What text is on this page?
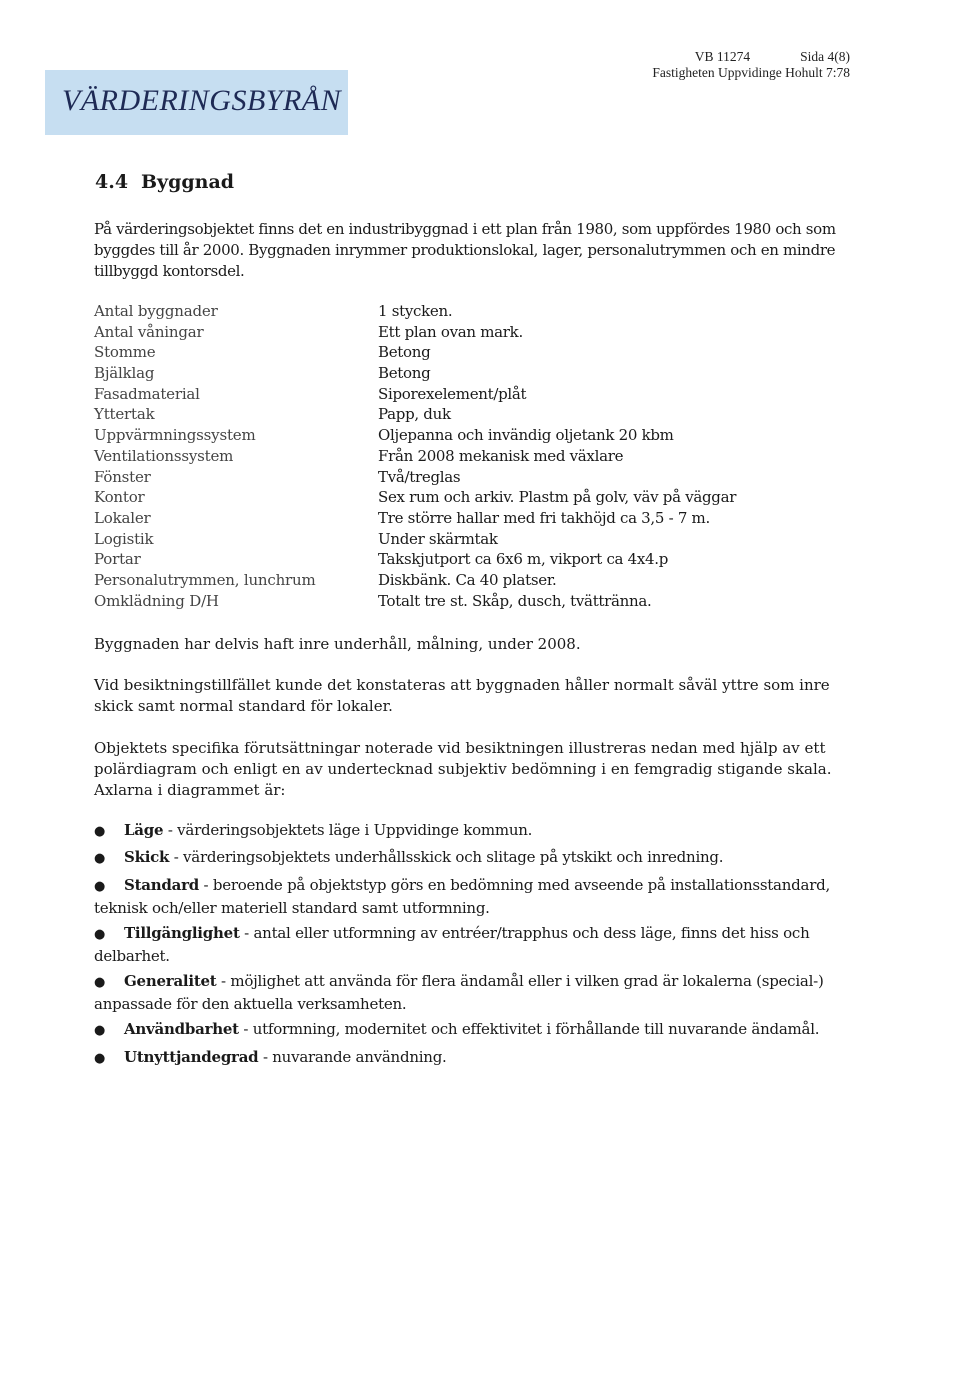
VÄRDERINGSBYRÅN
VB 11274	Sida 4(8)
Fastigheten Uppvidinge Hohult 7:78
4.4 Byggnad
På värderingsobjektet finns det en industribyggnad i ett plan från 1980, som uppfördes 1980 och som byggdes till år 2000. Byggnaden inrymmer produktionslokal, lager, personalutrymmen och en mindre tillbyggd kontorsdel.
Antal byggnader	1 stycken.
Antal våningar	Ett plan ovan mark.
Stomme	Betong
Bjälklag	Betong
Fasadmaterial	Siporexelement/plåt
Yttertak	Papp, duk
Uppvärmningssystem	Oljepanna och invändig oljetank 20 kbm
Ventilationssystem	Från 2008 mekanisk med växlare
Fönster	Två/treglas
Kontor	Sex rum och arkiv. Plastm på golv, väv på väggar
Lokaler	Tre större hallar med fri takhöjd ca 3,5 - 7 m.
Logistik	Under skärmtak
Portar	Takskjutport ca 6x6 m, vikport ca 4x4.p
Personalutrymmen, lunchrum	Diskbänk. Ca 40 platser.
Omklädning D/H	Totalt tre st. Skåp, dusch, tvättränna.
Byggnaden har delvis haft inre underhåll, målning, under 2008.
Vid besiktningstillfället kunde det konstateras att byggnaden håller normalt såväl yttre som inre skick samt normal standard för lokaler.
Objektets specifika förutsättningar noterade vid besiktningen illustreras nedan med hjälp av ett polärdiagram och enligt en av undertecknad subjektiv bedömning i en femgradig stigande skala. Axlarna i diagrammet är:
● Läge - värderingsobjektets läge i Uppvidinge kommun.
● Skick - värderingsobjektets underhållsskick och slitage på ytskikt och inredning.
● Standard - beroende på objektstyp görs en bedömning med avseende på installationsstandard, teknisk och/eller materiell standard samt utformning.
● Tillgänglighet - antal eller utformning av entréer/trapphus och dess läge, finns det hiss och delbarhet.
● Generalitet - möjlighet att använda för flera ändamål eller i vilken grad är lokalerna (special-) anpassade för den aktuella verksamheten.
● Användbarhet - utformning, modernitet och effektivitet i förhållande till nuvarande ändamål.
● Utnyttjandegrad - nuvarande användning.
